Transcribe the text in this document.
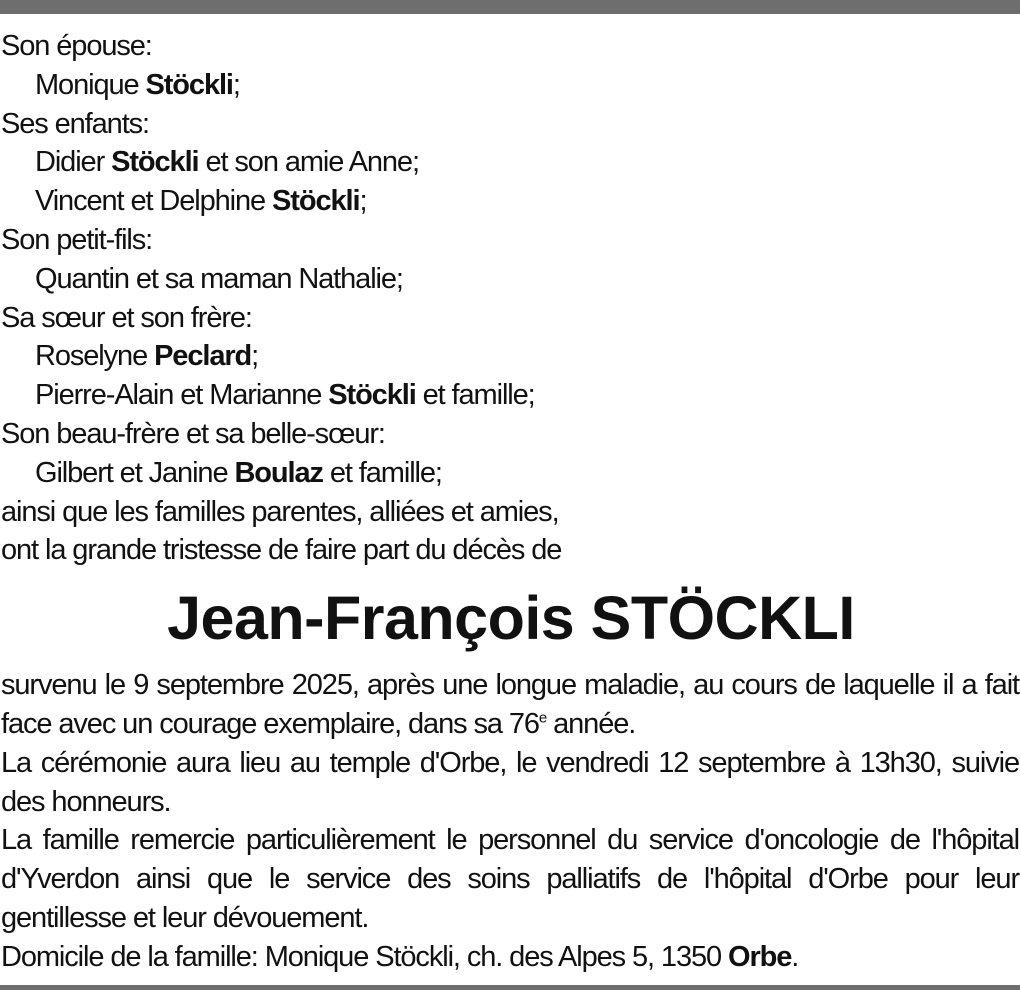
Son épouse:
Monique Stöckli;
Ses enfants:
Didier Stöckli et son amie Anne;
Vincent et Delphine Stöckli;
Son petit-fils:
Quantin et sa maman Nathalie;
Sa sœur et son frère:
Roselyne Peclard;
Pierre-Alain et Marianne Stöckli et famille;
Son beau-frère et sa belle-sœur:
Gilbert et Janine Boulaz et famille;
ainsi que les familles parentes, alliées et amies,
ont la grande tristesse de faire part du décès de
Jean-François STÖCKLI
survenu le 9 septembre 2025, après une longue maladie, au cours de laquelle il a fait face avec un courage exemplaire, dans sa 76e année.
La cérémonie aura lieu au temple d'Orbe, le vendredi 12 septembre à 13h30, suivie des honneurs.
La famille remercie particulièrement le personnel du service d'oncologie de l'hôpital d'Yverdon ainsi que le service des soins palliatifs de l'hôpital d'Orbe pour leur gentillesse et leur dévouement.
Domicile de la famille: Monique Stöckli, ch. des Alpes 5, 1350 Orbe.
